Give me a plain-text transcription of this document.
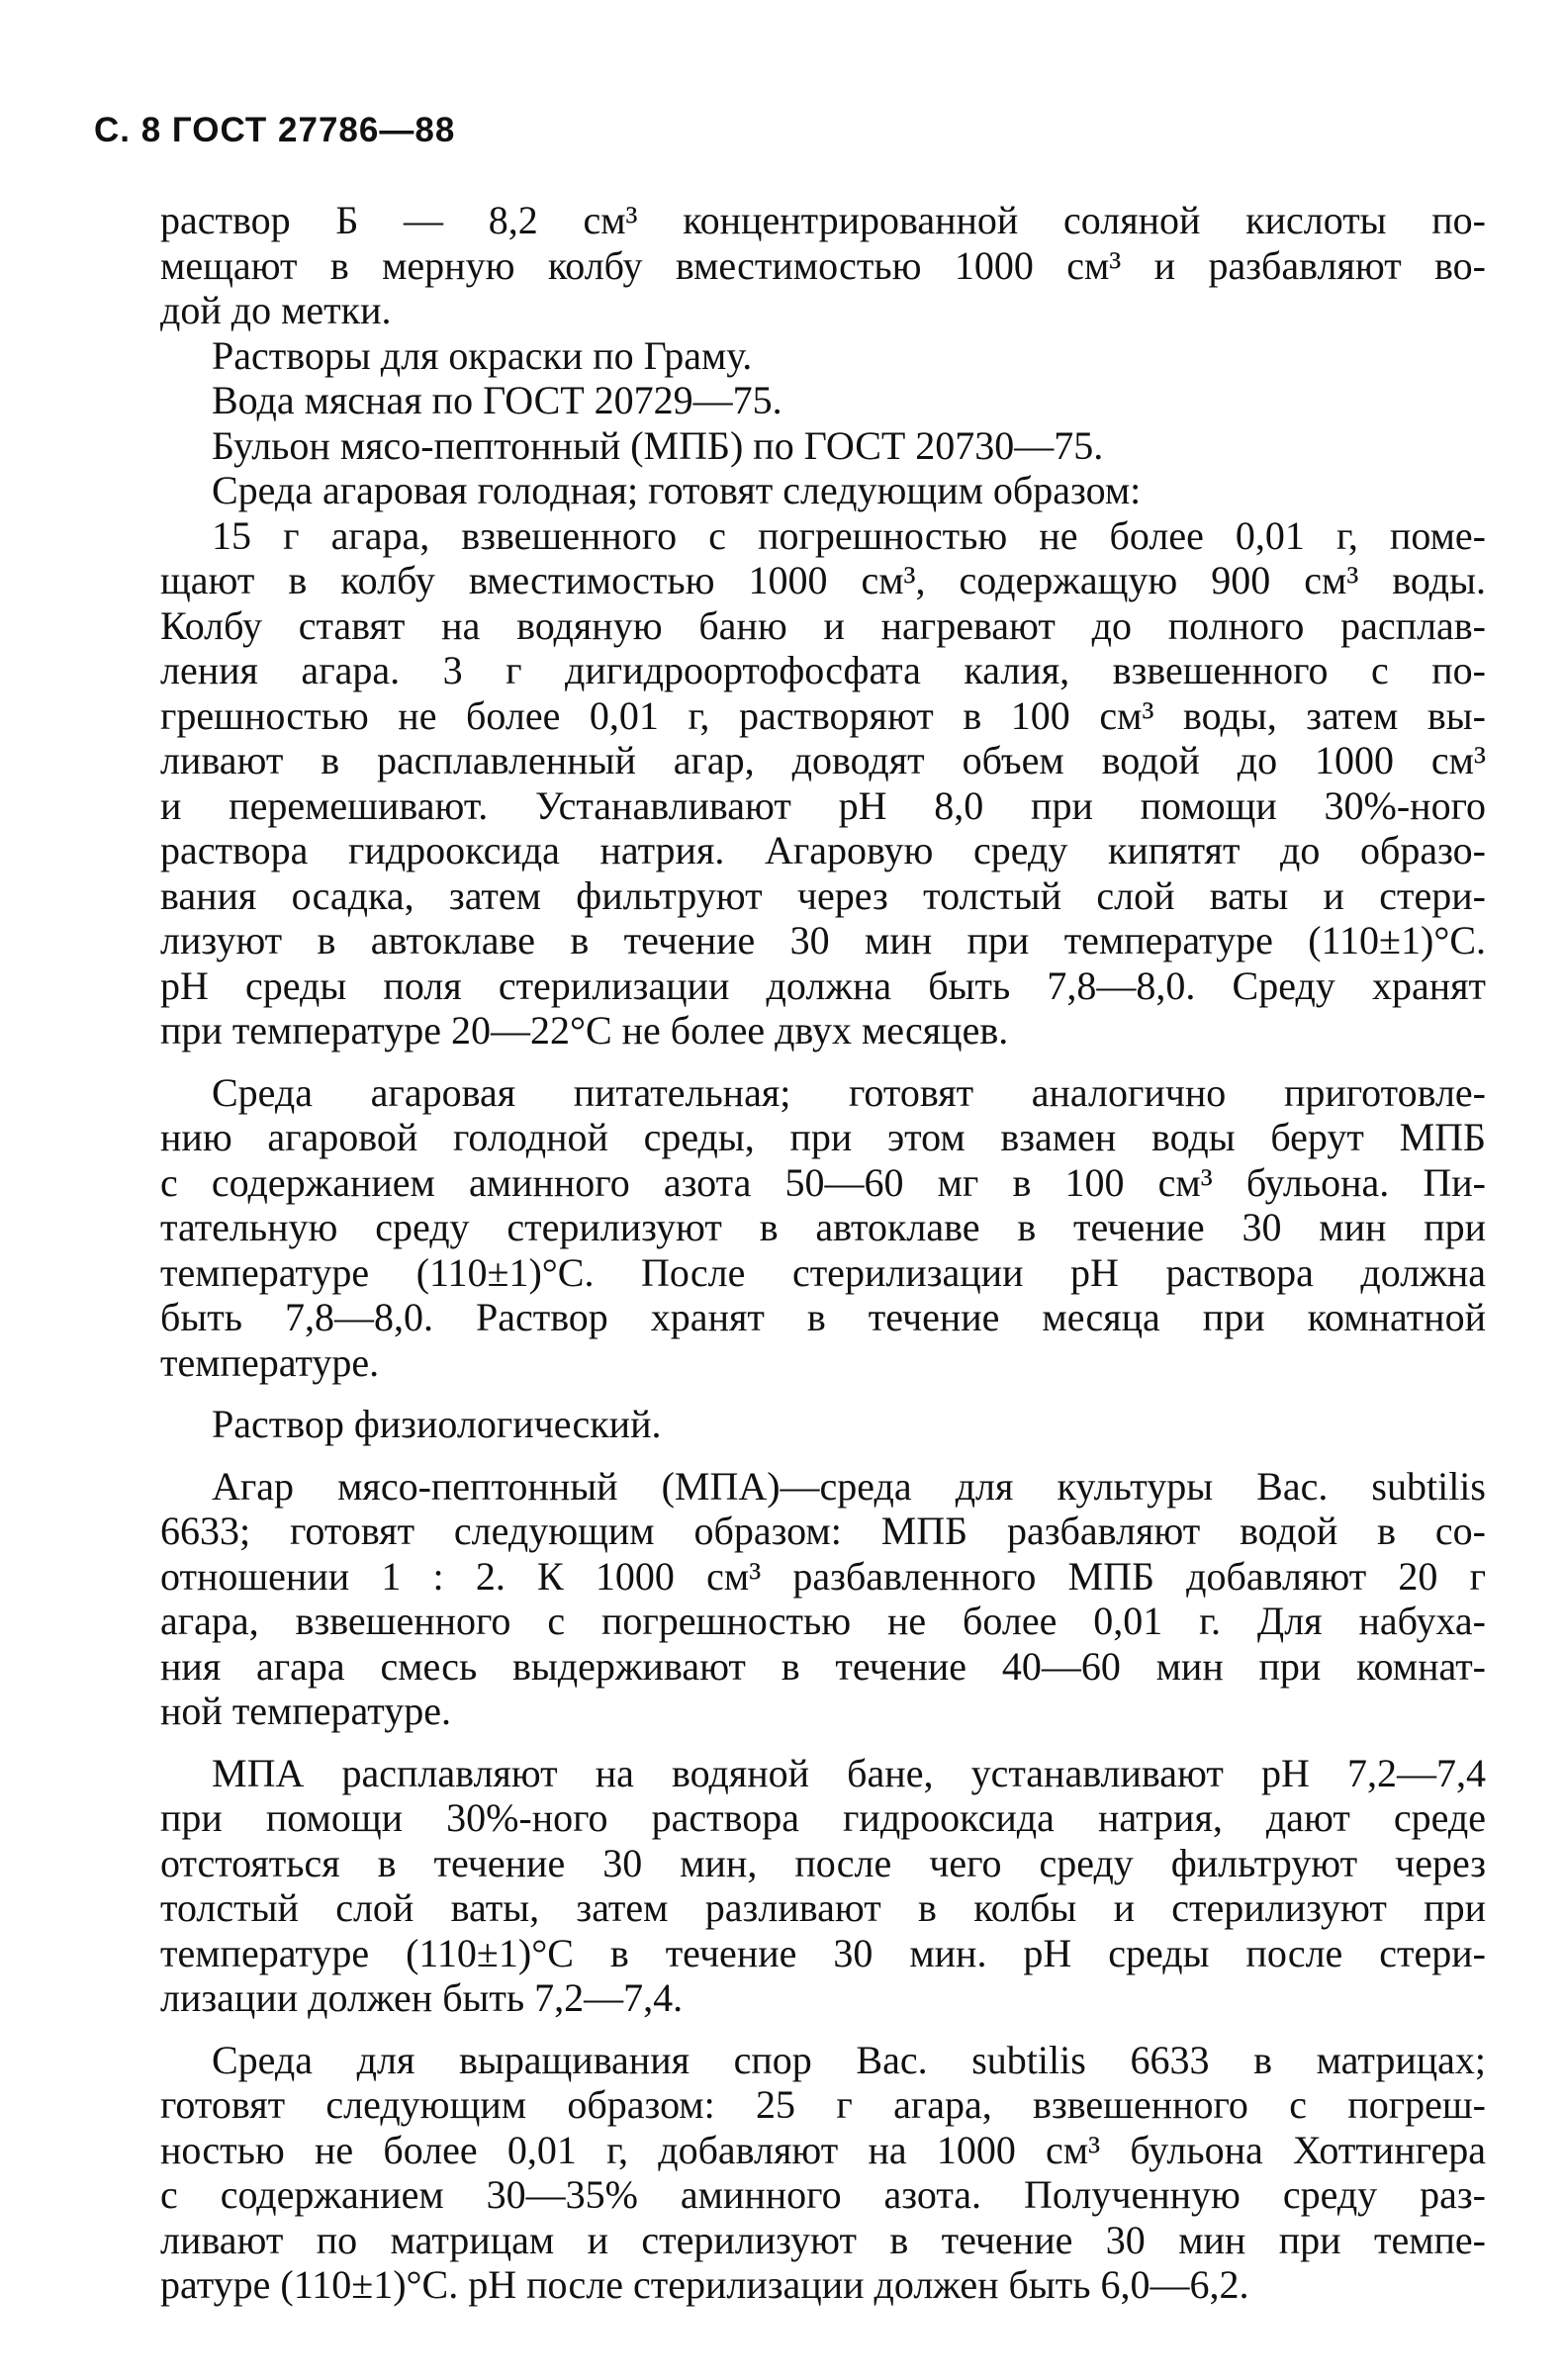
С. 8 ГОСТ 27786—88

раствор Б — 8,2 см³ концентрированной соляной кислоты по-
мещают в мерную колбу вместимостью 1000 см³ и разбавляют во-
дой до метки.

Растворы для окраски по Граму.

Вода мясная по ГОСТ 20729—75.

Бульон мясо-пептонный (МПБ) по ГОСТ 20730—75.

Среда агаровая голодная; готовят следующим образом:

15 г агара, взвешенного с погрешностью не более 0,01 г, поме-
щают в колбу вместимостью 1000 см³, содержащую 900 см³ воды.
Колбу ставят на водяную баню и нагревают до полного расплав-
ления агара. 3 г дигидроортофосфата калия, взвешенного с по-
грешностью не более 0,01 г, растворяют в 100 см³ воды, затем вы-
ливают в расплавленный агар, доводят объем водой до 1000 см³
и перемешивают. Устанавливают pH 8,0 при помощи 30%-ного
раствора гидрооксида натрия. Агаровую среду кипятят до образо-
вания осадка, затем фильтруют через толстый слой ваты и стери-
лизуют в автоклаве в течение 30 мин при температуре (110±1)°С.
pH среды поля стерилизации должна быть 7,8—8,0. Среду хранят
при температуре 20—22°С не более двух месяцев.

Среда агаровая питательная; готовят аналогично приготовле-
нию агаровой голодной среды, при этом взамен воды берут МПБ
с содержанием аминного азота 50—60 мг в 100 см³ бульона. Пи-
тательную среду стерилизуют в автоклаве в течение 30 мин при
температуре (110±1)°С. После стерилизации pH раствора должна
быть 7,8—8,0. Раствор хранят в течение месяца при комнатной
температуре.

Раствор физиологический.

Агар мясо-пептонный (МПА)—среда для культуры Bac. subtilis
6633; готовят следующим образом: МПБ разбавляют водой в со-
отношении 1 : 2. К 1000 см³ разбавленного МПБ добавляют 20 г
агара, взвешенного с погрешностью не более 0,01 г. Для набуха-
ния агара смесь выдерживают в течение 40—60 мин при комнат-
ной температуре.

МПА расплавляют на водяной бане, устанавливают pH 7,2—7,4
при помощи 30%-ного раствора гидрооксида натрия, дают среде
отстояться в течение 30 мин, после чего среду фильтруют через
толстый слой ваты, затем разливают в колбы и стерилизуют при
температуре (110±1)°С в течение 30 мин. pH среды после стери-
лизации должен быть 7,2—7,4.

Среда для выращивания спор Bac. subtilis 6633 в матрицах;
готовят следующим образом: 25 г агара, взвешенного с погреш-
ностью не более 0,01 г, добавляют на 1000 см³ бульона Хоттингера
с содержанием 30—35% аминного азота. Полученную среду раз-
ливают по матрицам и стерилизуют в течение 30 мин при темпе-
ратуре (110±1)°С. pH после стерилизации должен быть 6,0—6,2.
